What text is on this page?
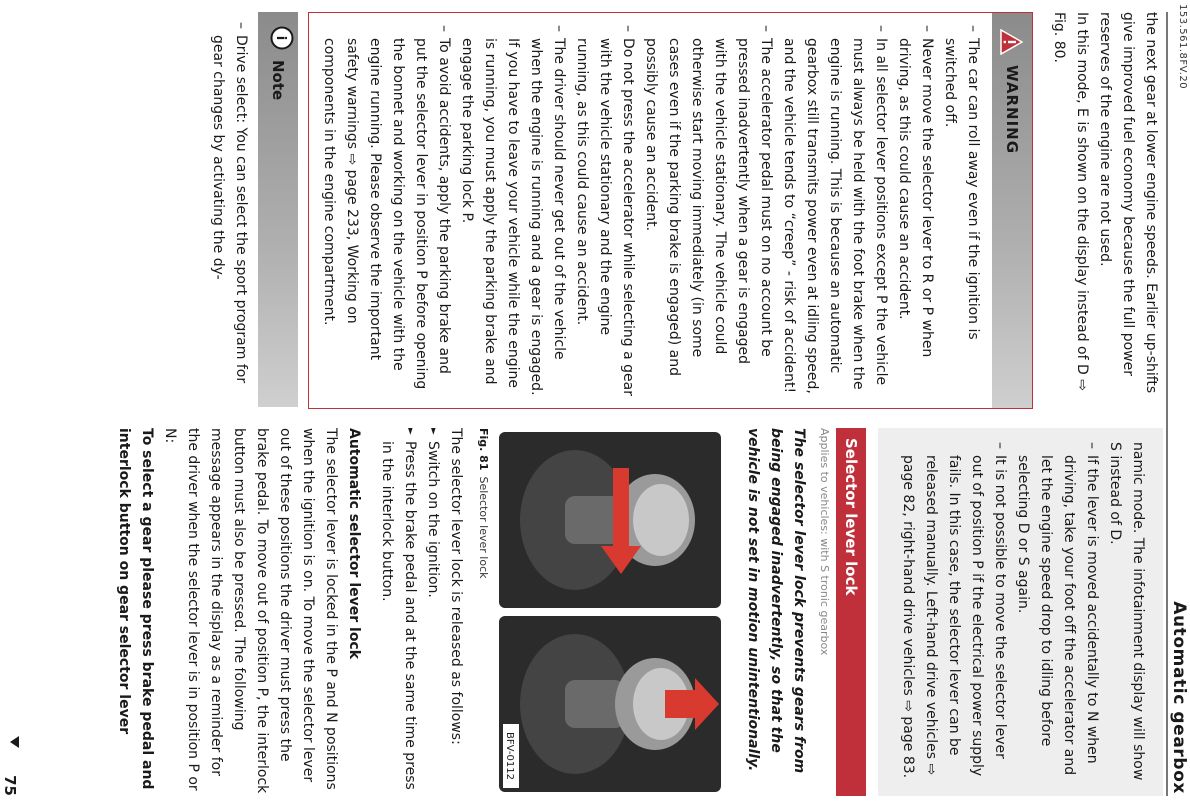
153.561.8FV.20
Automatic gearbox

the next gear at lower engine speeds. Earlier up-shifts give improved fuel economy because the full power reserves of the engine are not used.

In this mode, E is shown on the display instead of D ⇨ Fig. 80.

WARNING
– The car can roll away even if the ignition is switched off.
– Never move the selector lever to R or P when driving, as this could cause an accident.
– In all selector lever positions except P the vehicle must always be held with the foot brake when the engine is running. This is because an automatic gearbox still transmits power even at idling speed, and the vehicle tends to “creep” - risk of accident!
– The accelerator pedal must on no account be pressed inadvertently when a gear is engaged with the vehicle stationary. The vehicle could otherwise start moving immediately (in some cases even if the parking brake is engaged) and possibly cause an accident.
– Do not press the accelerator while selecting a gear with the vehicle stationary and the engine running, as this could cause an accident.
– The driver should never get out of the vehicle when the engine is running and a gear is engaged. If you have to leave your vehicle while the engine is running, you must apply the parking brake and engage the parking lock P.
– To avoid accidents, apply the parking brake and put the selector lever in position P before opening the bonnet and working on the vehicle with the engine running. Please observe the important safety warnings ⇨ page 233, Working on components in the engine compartment.
i
Note
– Drive select: You can select the sport program for gear changes by activating the dy-

namic mode. The infotainment display will show S instead of D.

– If the lever is moved accidentally to N when driving, take your foot off the accelerator and let the engine speed drop to idling before selecting D or S again.
– It is not possible to move the selector lever out of position P if the electrical power supply fails. In this case, the selector lever can be released manually. Left-hand drive vehicles ⇨ page 82, right-hand drive vehicles ⇨ page 83.
Selector lever lock
Applies to vehicles: with S tronic gearbox

The selector lever lock prevents gears from being engaged inadvertently, so that the vehicle is not set in motion unintentionally.

BFV-0112
Fig. 81Selector lever lock

The selector lever lock is released as follows:

► Switch on the ignition.
► Press the brake pedal and at the same time press in the interlock button.

Automatic selector lever lock

The selector lever is locked in the P and N positions when the ignition is on. To move the selector lever out of these positions the driver must press the brake pedal. To move out of position P, the interlock button must also be pressed. The following message appears in the display as a reminder for the driver when the selector lever is in position P or N:

To select a gear please press brake pedal and interlock button on gear selector lever

75
